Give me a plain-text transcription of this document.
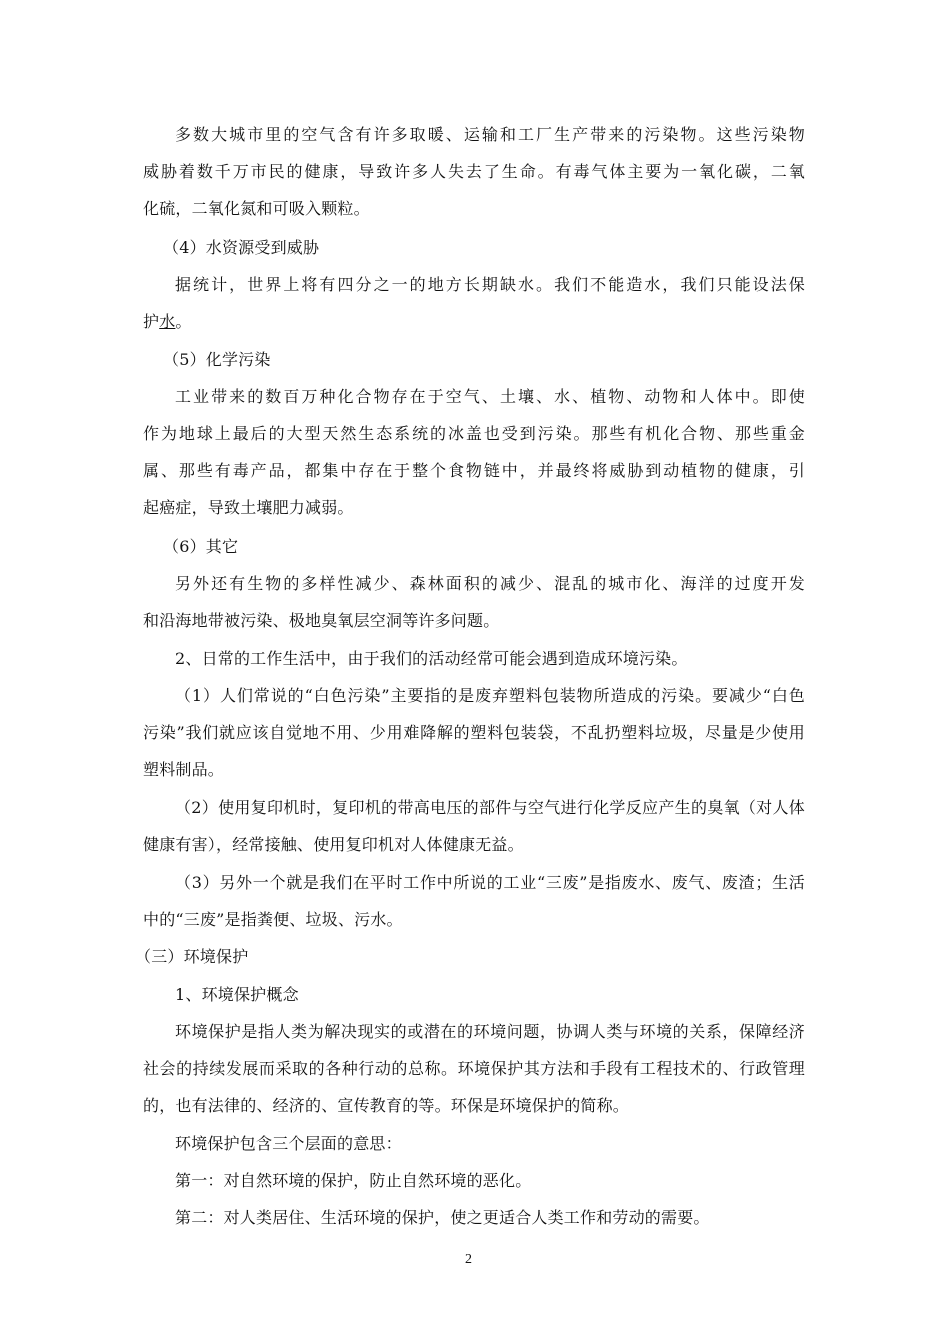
多数大城市里的空气含有许多取暖、运输和工厂生产带来的污染物。这些污染物
威胁着数千万市民的健康，导致许多人失去了生命。有毒气体主要为一氧化碳，二氧
化硫，二氧化氮和可吸入颗粒。
（4）水资源受到威胁
据统计，世界上将有四分之一的地方长期缺水。我们不能造水，我们只能设法保
护水。
（5）化学污染
工业带来的数百万种化合物存在于空气、土壤、水、植物、动物和人体中。即使
作为地球上最后的大型天然生态系统的冰盖也受到污染。那些有机化合物、那些重金
属、那些有毒产品，都集中存在于整个食物链中，并最终将威胁到动植物的健康，引
起癌症，导致土壤肥力减弱。
（6）其它
另外还有生物的多样性减少、森林面积的减少、混乱的城市化、海洋的过度开发
和沿海地带被污染、极地臭氧层空洞等许多问题。
2、日常的工作生活中，由于我们的活动经常可能会遇到造成环境污染。
（1）人们常说的“白色污染”主要指的是废弃塑料包装物所造成的污染。要减少“白色
污染”我们就应该自觉地不用、少用难降解的塑料包装袋，不乱扔塑料垃圾，尽量是少使用
塑料制品。
（2）使用复印机时，复印机的带高电压的部件与空气进行化学反应产生的臭氧（对人体
健康有害），经常接触、使用复印机对人体健康无益。
（3）另外一个就是我们在平时工作中所说的工业“三废”是指废水、废气、废渣；生活
中的“三废”是指粪便、垃圾、污水。
（三）环境保护
1、环境保护概念
环境保护是指人类为解决现实的或潜在的环境问题，协调人类与环境的关系，保障经济
社会的持续发展而采取的各种行动的总称。环境保护其方法和手段有工程技术的、行政管理
的，也有法律的、经济的、宣传教育的等。环保是环境保护的简称。
环境保护包含三个层面的意思：
第一：对自然环境的保护，防止自然环境的恶化。
第二：对人类居住、生活环境的保护，使之更适合人类工作和劳动的需要。
2
